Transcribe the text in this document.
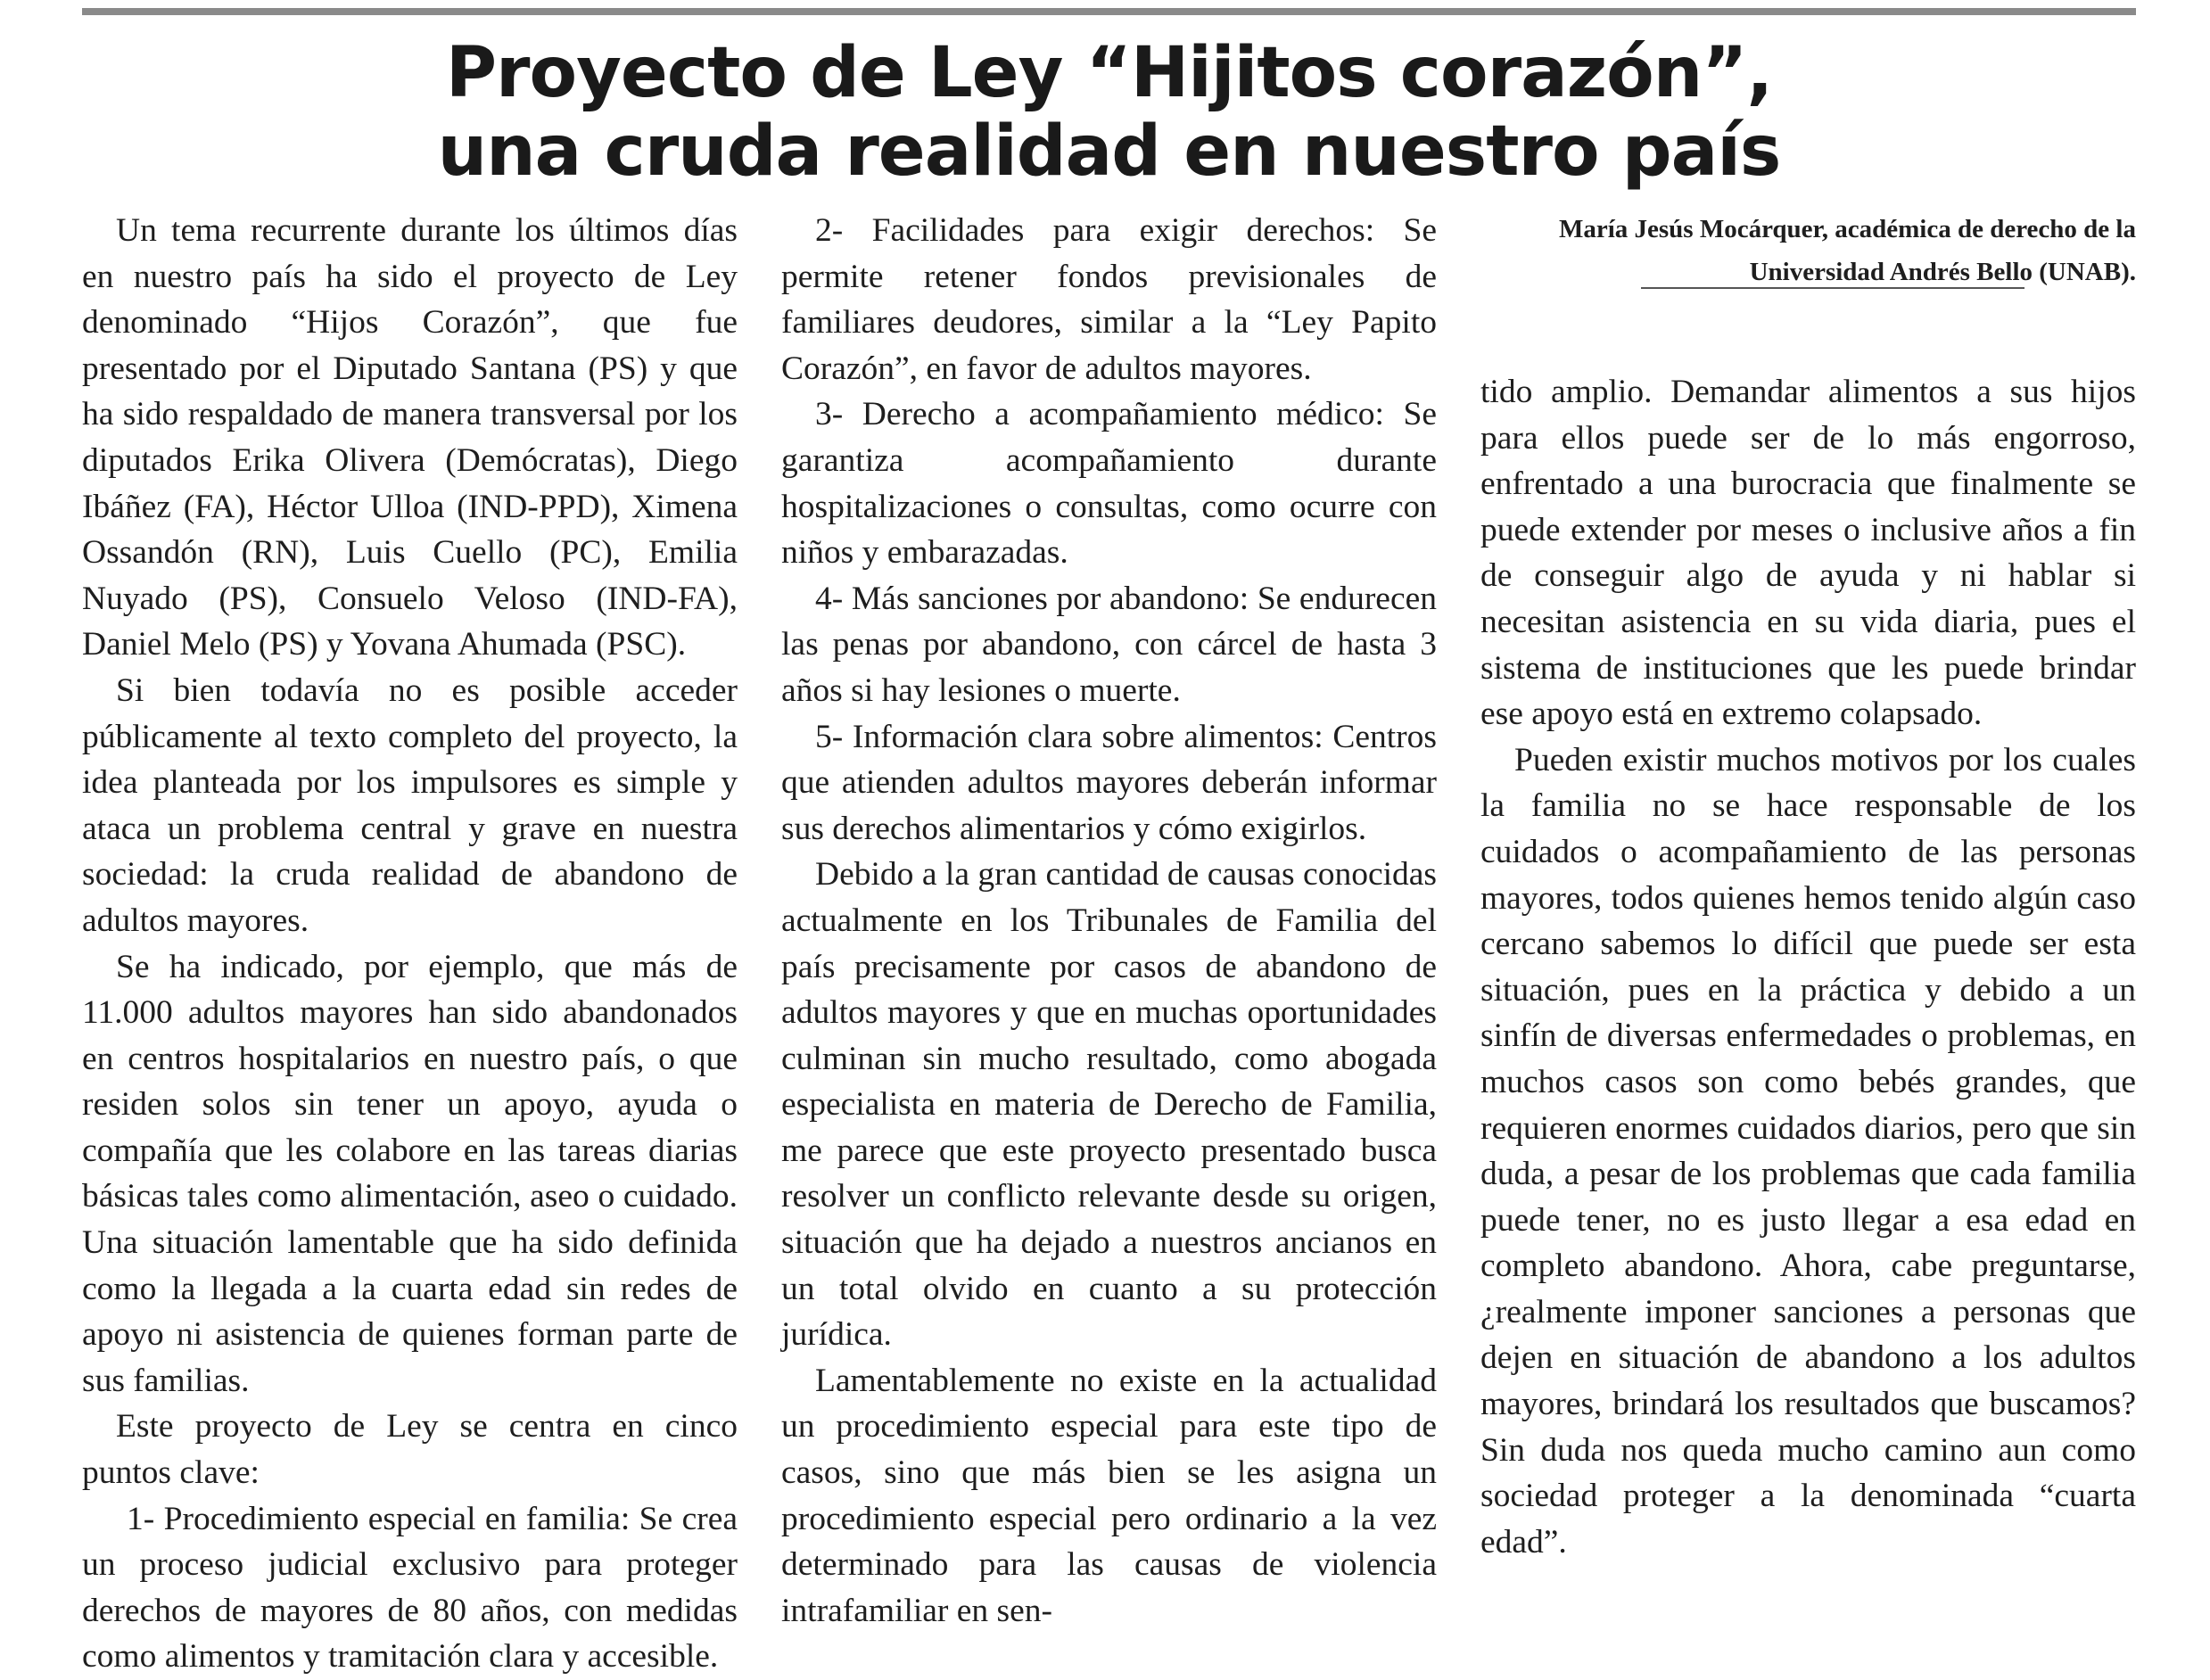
Proyecto de Ley “Hijitos corazón”,
una cruda realidad en nuestro país

Un tema recurrente durante los últimos días en nuestro país ha sido el proyecto de Ley denominado “Hijos Corazón”, que fue presentado por el Diputado Santana (PS) y que ha sido respaldado de manera transversal por los diputados Erika Olivera (Demócratas), Diego Ibáñez (FA), Héctor Ulloa (IND-PPD), Ximena Ossandón (RN), Luis Cuello (PC), Emilia Nuyado (PS), Consuelo Veloso (IND-FA), Daniel Melo (PS) y Yovana Ahumada (PSC).

Si bien todavía no es posible acceder públicamente al texto completo del proyecto, la idea planteada por los impulsores es simple y ataca un problema central y grave en nuestra sociedad: la cruda realidad de abandono de adultos mayores.

Se ha indicado, por ejemplo, que más de 11.000 adultos mayores han sido abandonados en centros hospitalarios en nuestro país, o que residen solos sin tener un apoyo, ayuda o compañía que les colabore en las tareas diarias básicas tales como alimentación, aseo o cuidado. Una situación lamentable que ha sido definida como la llegada a la cuarta edad sin redes de apoyo ni asistencia de quienes forman parte de sus familias.

Este proyecto de Ley se centra en cinco puntos clave:

1- Procedimiento especial en familia: Se crea un proceso judicial exclusivo para proteger derechos de mayores de 80 años, con medidas como alimentos y tramitación clara y accesible.

2- Facilidades para exigir derechos: Se permite retener fondos previsionales de familiares deudores, similar a la “Ley Papito Corazón”, en favor de adultos mayores.

3- Derecho a acompañamiento médico: Se garantiza acompañamiento durante hospitalizaciones o consultas, como ocurre con niños y embarazadas.

4- Más sanciones por abandono: Se endurecen las penas por abandono, con cárcel de hasta 3 años si hay lesiones o muerte.

5- Información clara sobre alimentos: Centros que atienden adultos mayores deberán informar sus derechos alimentarios y cómo exigirlos.

Debido a la gran cantidad de causas conocidas actualmente en los Tribunales de Familia del país precisamente por casos de abandono de adultos mayores y que en muchas oportunidades culminan sin mucho resultado, como abogada especialista en materia de Derecho de Familia, me parece que este proyecto presentado busca resolver un conflicto relevante desde su origen, situación que ha dejado a nuestros ancianos en un total olvido en cuanto a su protección jurídica.

Lamentablemente no existe en la actualidad un procedimiento especial para este tipo de casos, sino que más bien se les asigna un procedimiento especial pero ordinario a la vez determinado para las causas de violencia intrafamiliar en sen-

María Jesús Mocárquer, académica de derecho de la Universidad Andrés Bello (UNAB).

tido amplio. Demandar alimentos a sus hijos para ellos puede ser de lo más engorroso, enfrentado a una burocracia que finalmente se puede extender por meses o inclusive años a fin de conseguir algo de ayuda y ni hablar si necesitan asistencia en su vida diaria, pues el sistema de instituciones que les puede brindar ese apoyo está en extremo colapsado.

Pueden existir muchos motivos por los cuales la familia no se hace responsable de los cuidados o acompañamiento de las personas mayores, todos quienes hemos tenido algún caso cercano sabemos lo difícil que puede ser esta situación, pues en la práctica y debido a un sinfín de diversas enfermedades o problemas, en muchos casos son como bebés grandes, que requieren enormes cuidados diarios, pero que sin duda, a pesar de los problemas que cada familia puede tener, no es justo llegar a esa edad en completo abandono. Ahora, cabe preguntarse, ¿realmente imponer sanciones a personas que dejen en situación de abandono a los adultos mayores, brindará los resultados que buscamos? Sin duda nos queda mucho camino aun como sociedad proteger a la denominada “cuarta edad”.
